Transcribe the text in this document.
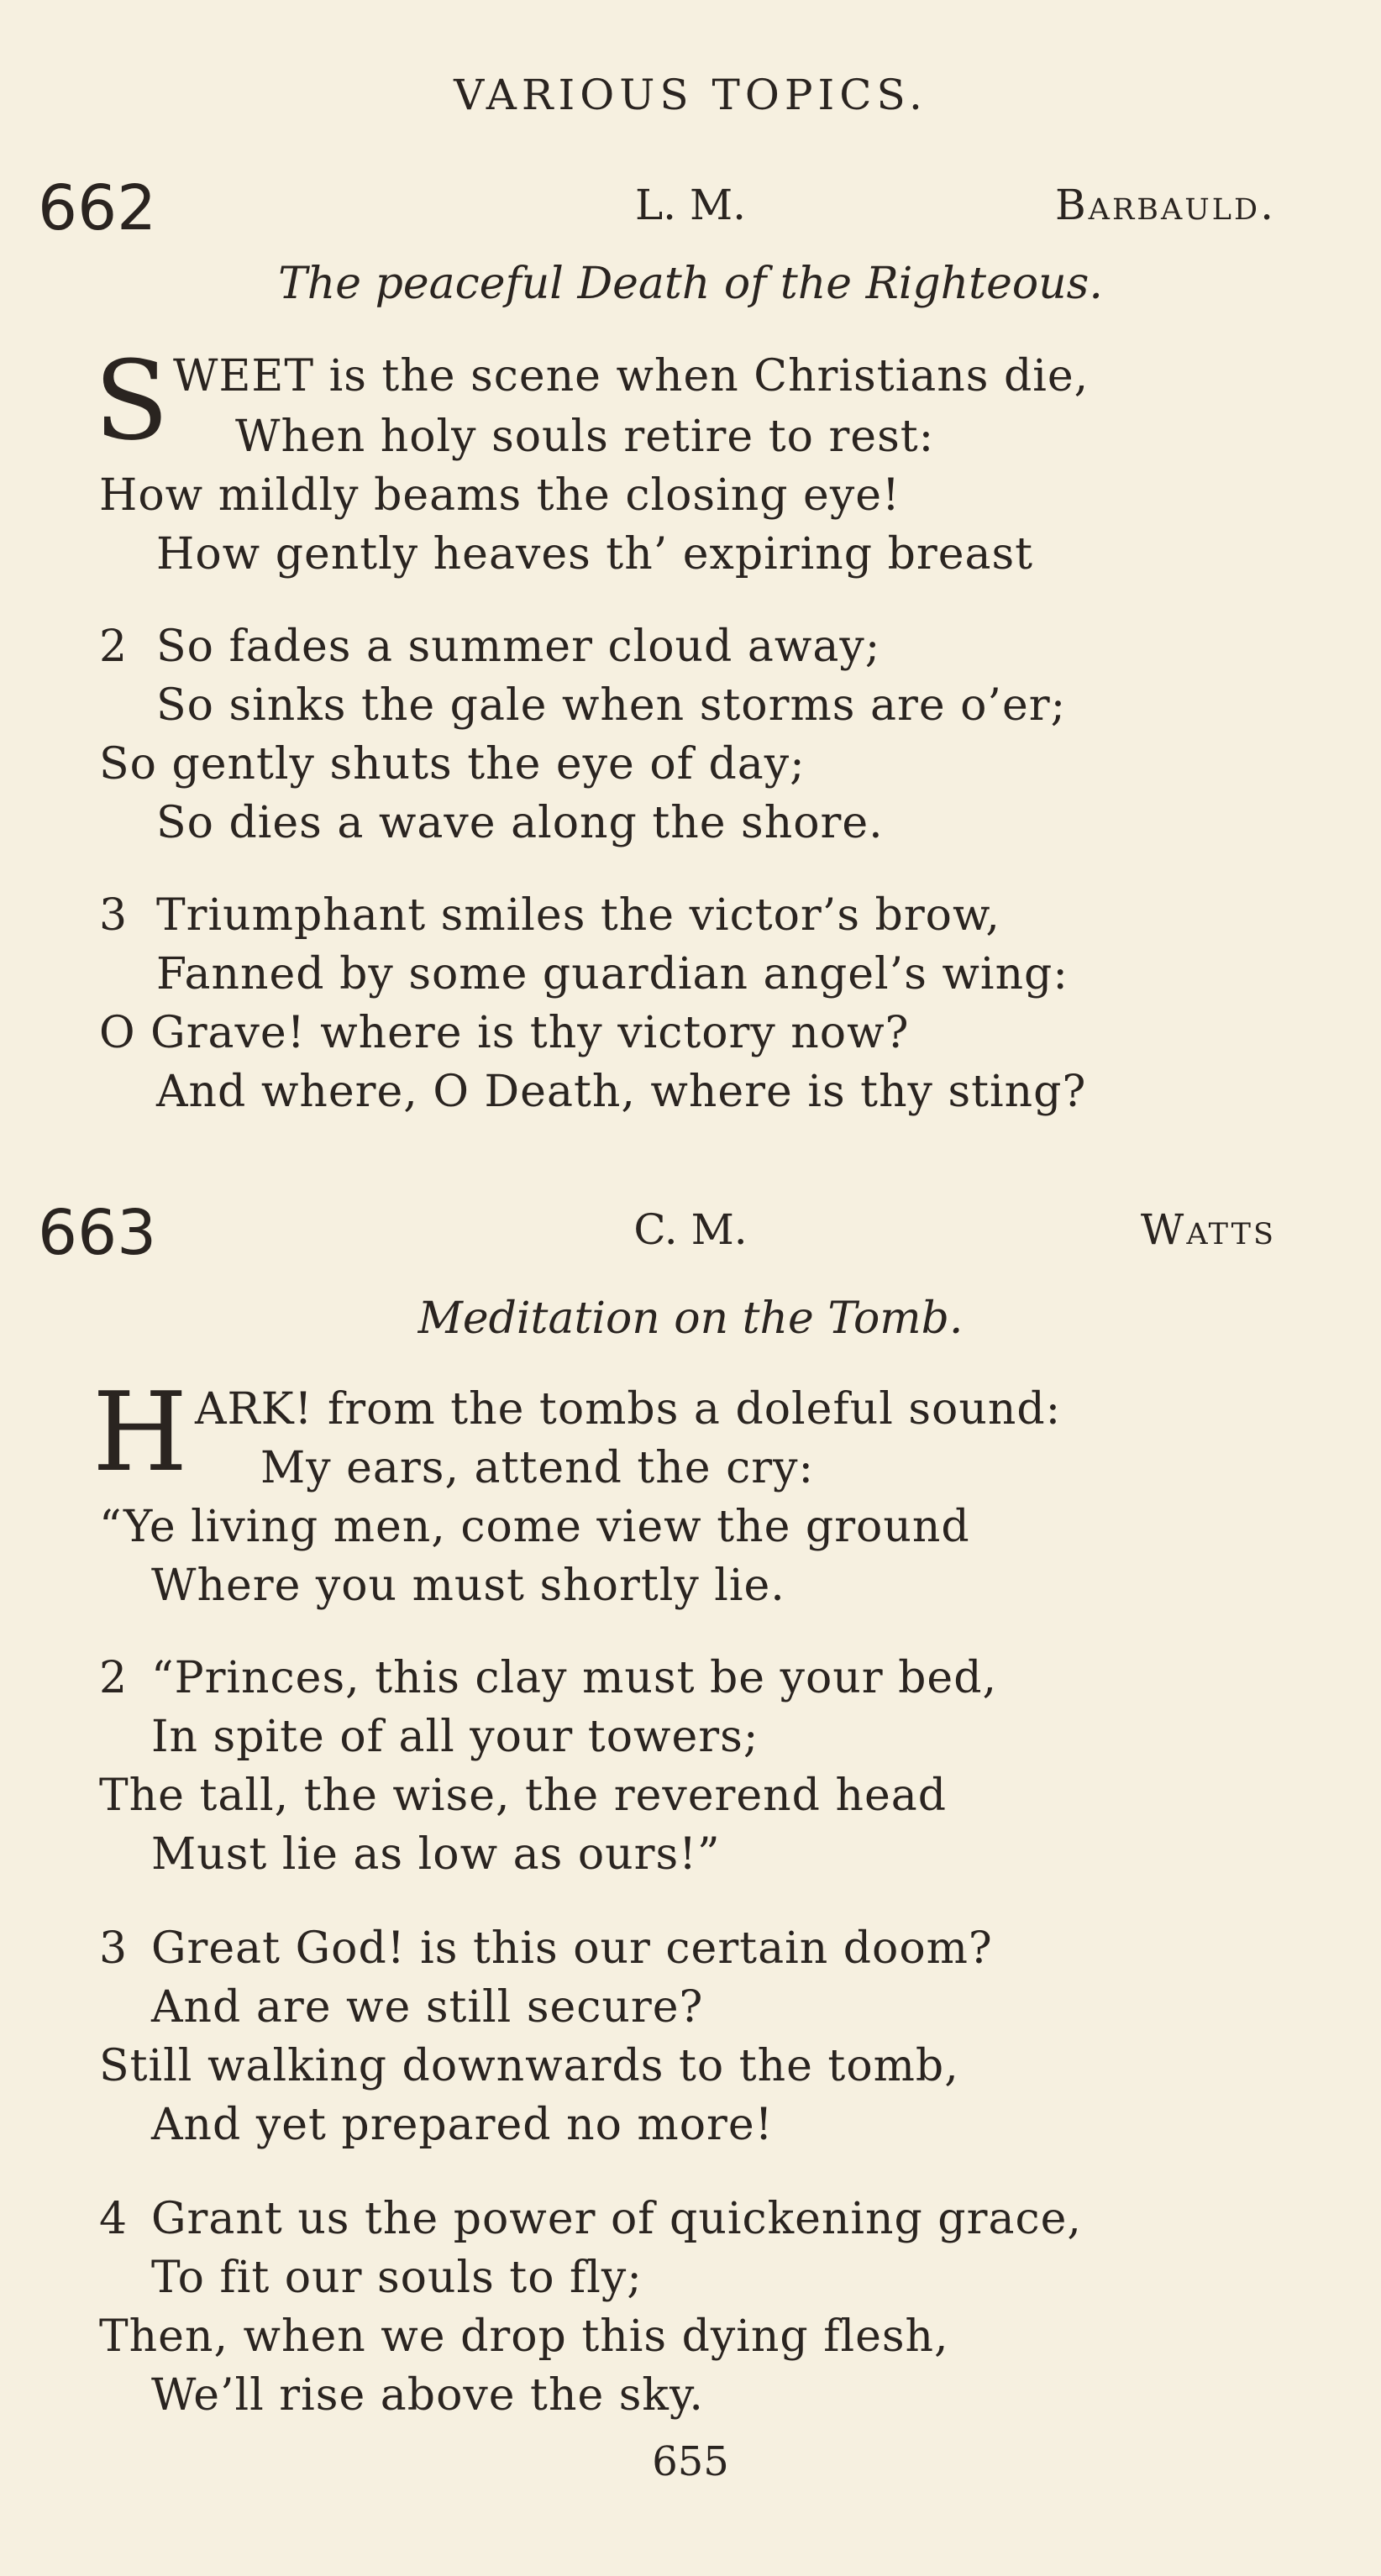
VARIOUS TOPICS.
662	L. M.	Barbauld.
The peaceful Death of the Righteous.
S WEET is the scene when Christians die,
When holy souls retire to rest:
How mildly beams the closing eye!
How gently heaves th’ expiring breast
2 So fades a summer cloud away;
So sinks the gale when storms are o’er;
So gently shuts the eye of day;
So dies a wave along the shore.
3 Triumphant smiles the victor’s brow,
Fanned by some guardian angel’s wing:
O Grave! where is thy victory now?
And where, O Death, where is thy sting?
663	C. M.	Watts
Meditation on the Tomb.
H ARK! from the tombs a doleful sound:
My ears, attend the cry:
“Ye living men, come view the ground
Where you must shortly lie.
2 “Princes, this clay must be your bed,
In spite of all your towers;
The tall, the wise, the reverend head
Must lie as low as ours!”
3 Great God! is this our certain doom?
And are we still secure?
Still walking downwards to the tomb,
And yet prepared no more!
4 Grant us the power of quickening grace,
To fit our souls to fly;
Then, when we drop this dying flesh,
We’ll rise above the sky.
655
